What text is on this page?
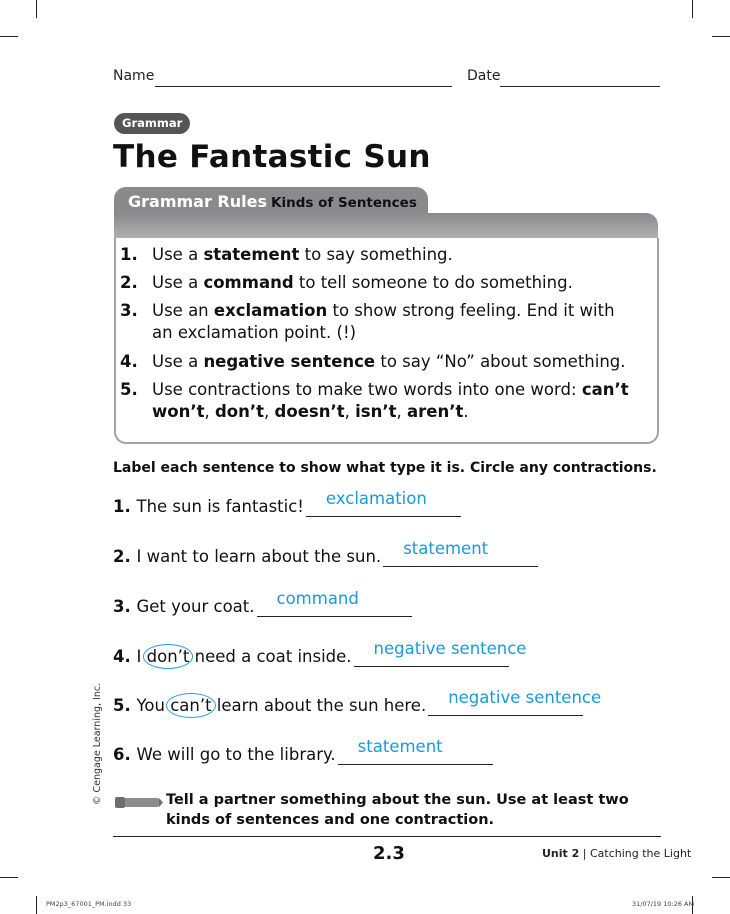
Name	Date
Grammar
The Fantastic Sun
Grammar Rules Kinds of Sentences
1. Use a statement to say something.
2. Use a command to tell someone to do something.
3. Use an exclamation to show strong feeling. End it with an exclamation point. (!)
4. Use a negative sentence to say “No” about something.
5. Use contractions to make two words into one word: can’t won’t, don’t, doesn’t, isn’t, aren’t.
Label each sentence to show what type it is. Circle any contractions.
1. The sun is fantastic! exclamation
2. I want to learn about the sun. statement
3. Get your coat. command
4. I don’t need a coat inside. negative sentence
5. You can’t learn about the sun here. negative sentence
6. We will go to the library. statement
© Cengage Learning, Inc.	Tell a partner something about the sun. Use at least two kinds of sentences and one contraction.
2.3	Unit 2 | Catching the Light
PM2p3_67001_PM.indd 33	31/07/19 10:26 AM
